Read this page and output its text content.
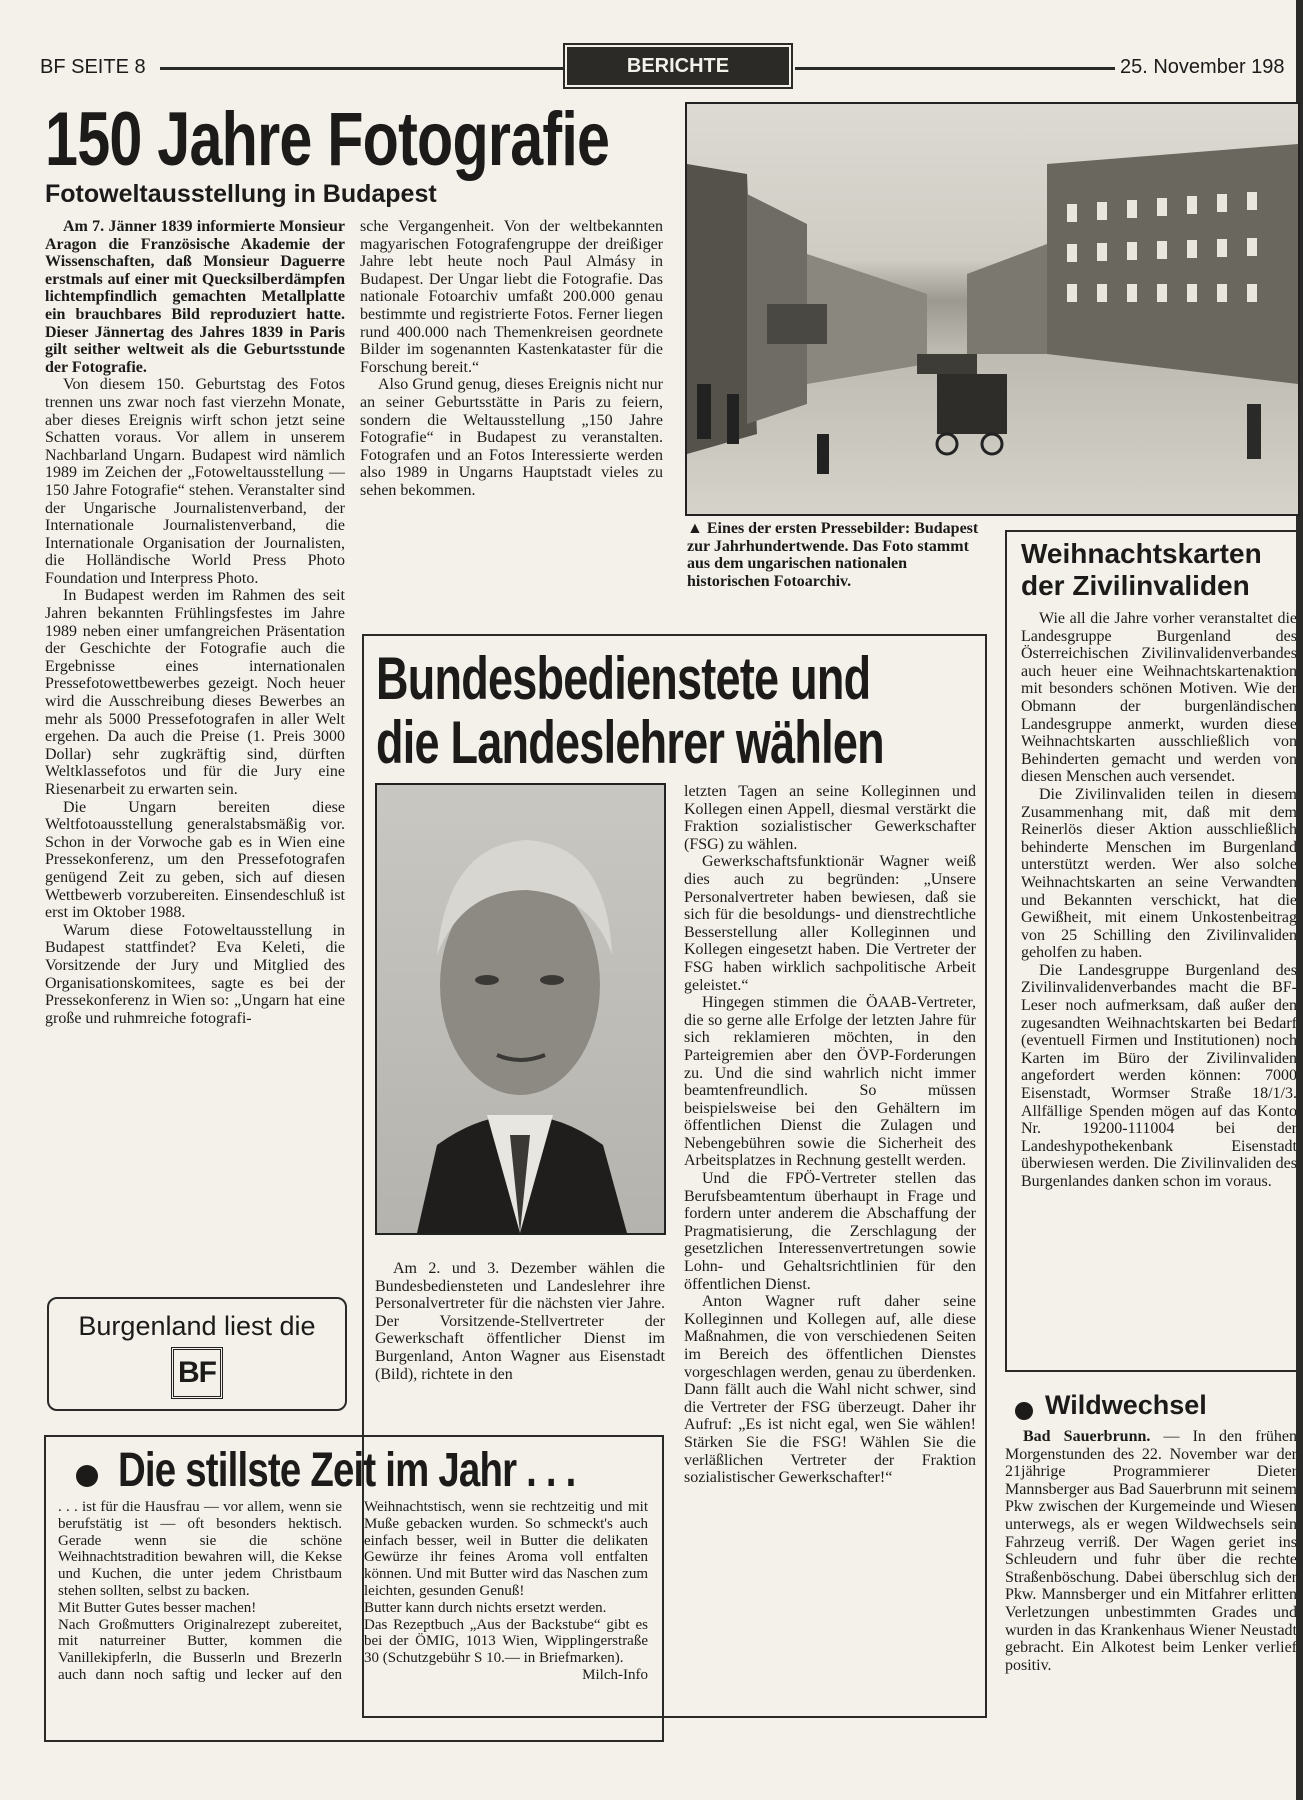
BF SEITE 8	BERICHTE	25. November 198
150 Jahre Fotografie
Fotoweltausstellung in Budapest

Am 7. Jänner 1839 informierte Monsieur Aragon die Französische Akademie der Wissenschaften, daß Monsieur Daguerre erstmals auf einer mit Quecksilberdämpfen lichtempfindlich gemachten Metallplatte ein brauchbares Bild reproduziert hatte. Dieser Jännertag des Jahres 1839 in Paris gilt seither weltweit als die Geburtsstunde der Fotografie.

Von diesem 150. Geburtstag des Fotos trennen uns zwar noch fast vierzehn Monate, aber dieses Ereignis wirft schon jetzt seine Schatten voraus. Vor allem in unserem Nachbarland Ungarn. Budapest wird nämlich 1989 im Zeichen der „Fotoweltausstellung — 150 Jahre Fotografie“ stehen. Veranstalter sind der Ungarische Journalistenverband, der Internationale Journalistenverband, die Internationale Organisation der Journalisten, die Holländische World Press Photo Foundation und Interpress Photo.

In Budapest werden im Rahmen des seit Jahren bekannten Frühlingsfestes im Jahre 1989 neben einer umfangreichen Präsentation der Geschichte der Fotografie auch die Ergebnisse eines internationalen Pressefotowettbewerbes gezeigt. Noch heuer wird die Ausschreibung dieses Bewerbes an mehr als 5000 Pressefotografen in aller Welt ergehen. Da auch die Preise (1. Preis 3000 Dollar) sehr zugkräftig sind, dürften Weltklassefotos und für die Jury eine Riesenarbeit zu erwarten sein.

Die Ungarn bereiten diese Weltfotoausstellung generalstabsmäßig vor. Schon in der Vorwoche gab es in Wien eine Pressekonferenz, um den Pressefotografen genügend Zeit zu geben, sich auf diesen Wettbewerb vorzubereiten. Einsendeschluß ist erst im Oktober 1988.

Warum diese Fotoweltausstellung in Budapest stattfindet? Eva Keleti, die Vorsitzende der Jury und Mitglied des Organisationskomitees, sagte es bei der Pressekonferenz in Wien so: „Ungarn hat eine große und ruhmreiche fotografi-

sche Vergangenheit. Von der weltbekannten magyarischen Fotografengruppe der dreißiger Jahre lebt heute noch Paul Almásy in Budapest. Der Ungar liebt die Fotografie. Das nationale Fotoarchiv umfaßt 200.000 genau bestimmte und registrierte Fotos. Ferner liegen rund 400.000 nach Themenkreisen geordnete Bilder im sogenannten Kastenkataster für die Forschung bereit.“

Also Grund genug, dieses Ereignis nicht nur an seiner Geburtsstätte in Paris zu feiern, sondern die Weltausstellung „150 Jahre Fotografie“ in Budapest zu veranstalten. Fotografen und an Fotos Interessierte werden also 1989 in Ungarns Hauptstadt vieles zu sehen bekommen.

▲ Eines der ersten Pressebilder: Budapest zur Jahrhundertwende. Das Foto stammt aus dem ungarischen nationalen historischen Fotoarchiv.
Weihnachtskarten
der Zivilinvaliden

Wie all die Jahre vorher veranstaltet die Landesgruppe Burgenland des Österreichischen Zivilinvalidenverbandes auch heuer eine Weihnachtskartenaktion mit besonders schönen Motiven. Wie der Obmann der burgenländischen Landesgruppe anmerkt, wurden diese Weihnachtskarten ausschließlich von Behinderten gemacht und werden von diesen Menschen auch versendet.

Die Zivilinvaliden teilen in diesem Zusammenhang mit, daß mit dem Reinerlös dieser Aktion ausschließlich behinderte Menschen im Burgenland unterstützt werden. Wer also solche Weihnachtskarten an seine Verwandten und Bekannten verschickt, hat die Gewißheit, mit einem Unkostenbeitrag von 25 Schilling den Zivilinvaliden geholfen zu haben.

Die Landesgruppe Burgenland des Zivilinvalidenverbandes macht die BF-Leser noch aufmerksam, daß außer den zugesandten Weihnachtskarten bei Bedarf (eventuell Firmen und Institutionen) noch Karten im Büro der Zivilinvaliden angefordert werden können: 7000 Eisenstadt, Wormser Straße 18/1/3. Allfällige Spenden mögen auf das Konto Nr. 19200-111004 bei der Landeshypothekenbank Eisenstadt überwiesen werden. Die Zivilinvaliden des Burgenlandes danken schon im voraus.

Bundesbedienstete und
die Landeslehrer wählen

Am 2. und 3. Dezember wählen die Bundesbediensteten und Landeslehrer ihre Personalvertreter für die nächsten vier Jahre. Der Vorsitzende-Stellvertreter der Gewerkschaft öffentlicher Dienst im Burgenland, Anton Wagner aus Eisenstadt (Bild), richtete in den

letzten Tagen an seine Kolleginnen und Kollegen einen Appell, diesmal verstärkt die Fraktion sozialistischer Gewerkschafter (FSG) zu wählen.

Gewerkschaftsfunktionär Wagner weiß dies auch zu begründen: „Unsere Personalvertreter haben bewiesen, daß sie sich für die besoldungs- und dienstrechtliche Besserstellung aller Kolleginnen und Kollegen eingesetzt haben. Die Vertreter der FSG haben wirklich sachpolitische Arbeit geleistet.“

Hingegen stimmen die ÖAAB-Vertreter, die so gerne alle Erfolge der letzten Jahre für sich reklamieren möchten, in den Parteigremien aber den ÖVP-Forderungen zu. Und die sind wahrlich nicht immer beamtenfreundlich. So müssen beispielsweise bei den Gehältern im öffentlichen Dienst die Zulagen und Nebengebühren sowie die Sicherheit des Arbeitsplatzes in Rechnung gestellt werden.

Und die FPÖ-Vertreter stellen das Berufsbeamtentum überhaupt in Frage und fordern unter anderem die Abschaffung der Pragmatisierung, die Zerschlagung der gesetzlichen Interessenvertretungen sowie Lohn- und Gehaltsrichtlinien für den öffentlichen Dienst.

Anton Wagner ruft daher seine Kolleginnen und Kollegen auf, alle diese Maßnahmen, die von verschiedenen Seiten im Bereich des öffentlichen Dienstes vorgeschlagen werden, genau zu überdenken. Dann fällt auch die Wahl nicht schwer, sind die Vertreter der FSG überzeugt. Daher ihr Aufruf: „Es ist nicht egal, wen Sie wählen! Stärken Sie die FSG! Wählen Sie die verläßlichen Vertreter der Fraktion sozialistischer Gewerkschafter!“

Burgenland liest die
BF
Die stillste Zeit im Jahr . . .

. . . ist für die Hausfrau — vor allem, wenn sie berufstätig ist — oft besonders hektisch. Gerade wenn sie die schöne Weihnachtstradition bewahren will, die Kekse und Kuchen, die unter jedem Christbaum stehen sollten, selbst zu backen.

Mit Butter Gutes besser machen!

Nach Großmutters Originalrezept zubereitet, mit naturreiner Butter, kommen die Vanillekipferln, die Busserln und Brezerln auch dann noch saftig und lecker auf den Weihnachtstisch, wenn sie rechtzeitig und mit Muße gebacken wurden. So schmeckt's auch einfach besser, weil in Butter die delikaten Gewürze ihr feines Aroma voll entfalten können. Und mit Butter wird das Naschen zum leichten, gesunden Genuß!

Butter kann durch nichts ersetzt werden.

Das Rezeptbuch „Aus der Backstube“ gibt es bei der ÖMIG, 1013 Wien, Wipplingerstraße 30 (Schutzgebühr S 10.— in Briefmarken).

Milch-Info

Wildwechsel

Bad Sauerbrunn. — In den frühen Morgenstunden des 22. November war der 21jährige Programmierer Dieter Mannsberger aus Bad Sauerbrunn mit seinem Pkw zwischen der Kurgemeinde und Wiesen unterwegs, als er wegen Wildwechsels sein Fahrzeug verriß. Der Wagen geriet ins Schleudern und fuhr über die rechte Straßenböschung. Dabei überschlug sich der Pkw. Mannsberger und ein Mitfahrer erlitten Verletzungen unbestimmten Grades und wurden in das Krankenhaus Wiener Neustadt gebracht. Ein Alkotest beim Lenker verlief positiv.
